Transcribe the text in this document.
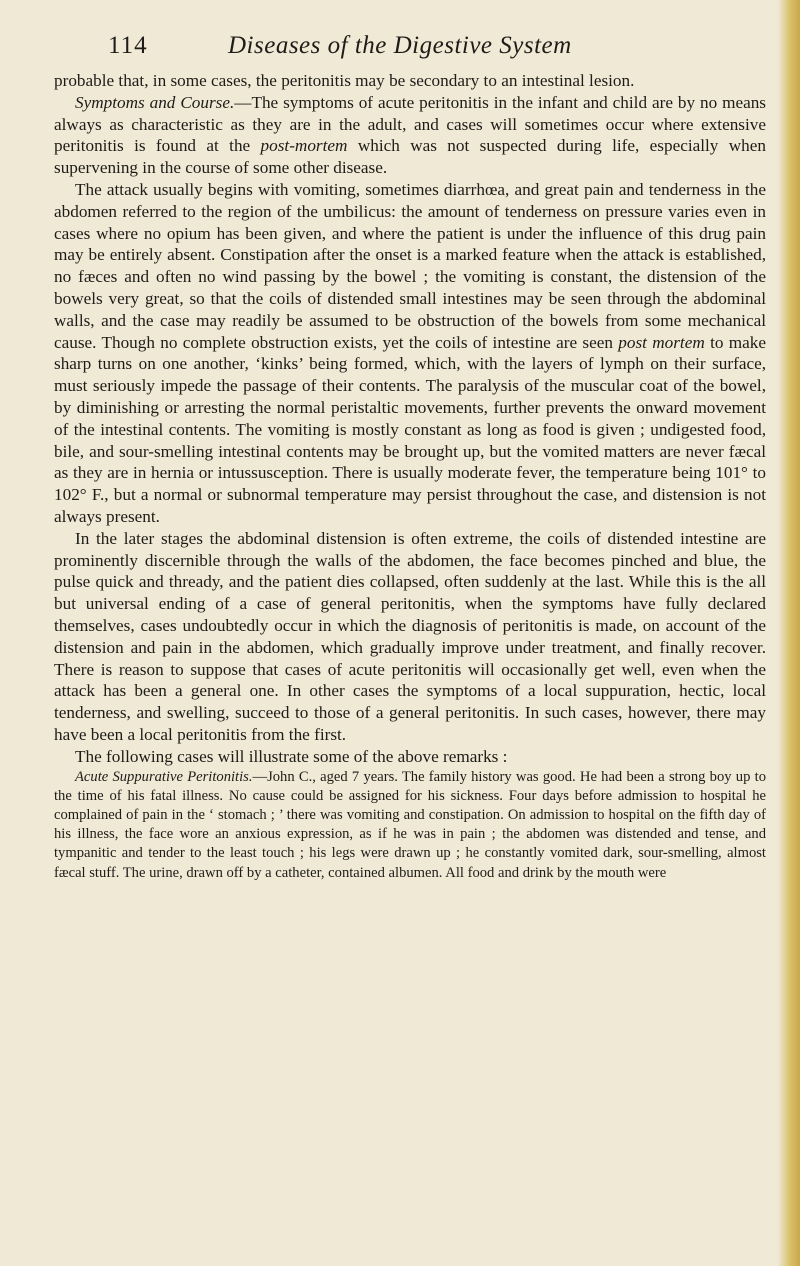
114	Diseases of the Digestive System

probable that, in some cases, the peritonitis may be secondary to an intestinal lesion.

Symptoms and Course.—The symptoms of acute peritonitis in the infant and child are by no means always as characteristic as they are in the adult, and cases will sometimes occur where extensive peritonitis is found at the post-mortem which was not suspected during life, especially when supervening in the course of some other disease.

The attack usually begins with vomiting, sometimes diarrhœa, and great pain and tenderness in the abdomen referred to the region of the umbilicus: the amount of tenderness on pressure varies even in cases where no opium has been given, and where the patient is under the influence of this drug pain may be entirely absent. Constipation after the onset is a marked feature when the attack is established, no fæces and often no wind passing by the bowel ; the vomiting is constant, the distension of the bowels very great, so that the coils of distended small intestines may be seen through the abdominal walls, and the case may readily be assumed to be obstruction of the bowels from some mechanical cause. Though no complete obstruction exists, yet the coils of intestine are seen post mortem to make sharp turns on one another, ‘kinks’ being formed, which, with the layers of lymph on their surface, must seriously impede the passage of their contents. The paralysis of the muscular coat of the bowel, by diminishing or arresting the normal peristaltic movements, further prevents the onward movement of the intestinal contents. The vomiting is mostly constant as long as food is given ; undigested food, bile, and sour-smelling intestinal contents may be brought up, but the vomited matters are never fæcal as they are in hernia or intussusception. There is usually moderate fever, the temperature being 101° to 102° F., but a normal or subnormal temperature may persist throughout the case, and distension is not always present.

In the later stages the abdominal distension is often extreme, the coils of distended intestine are prominently discernible through the walls of the abdomen, the face becomes pinched and blue, the pulse quick and thready, and the patient dies collapsed, often suddenly at the last. While this is the all but universal ending of a case of general peritonitis, when the symptoms have fully declared themselves, cases undoubtedly occur in which the diagnosis of peritonitis is made, on account of the distension and pain in the abdomen, which gradually improve under treatment, and finally recover. There is reason to suppose that cases of acute peritonitis will occasionally get well, even when the attack has been a general one. In other cases the symptoms of a local suppuration, hectic, local tenderness, and swelling, succeed to those of a general peritonitis. In such cases, however, there may have been a local peritonitis from the first.

The following cases will illustrate some of the above remarks :

Acute Suppurative Peritonitis.—John C., aged 7 years. The family history was good. He had been a strong boy up to the time of his fatal illness. No cause could be assigned for his sickness. Four days before admission to hospital he complained of pain in the ‘ stomach ; ’ there was vomiting and constipation. On admission to hospital on the fifth day of his illness, the face wore an anxious expression, as if he was in pain ; the abdomen was distended and tense, and tympanitic and tender to the least touch ; his legs were drawn up ; he constantly vomited dark, sour-smelling, almost fæcal stuff. The urine, drawn off by a catheter, contained albumen. All food and drink by the mouth were
